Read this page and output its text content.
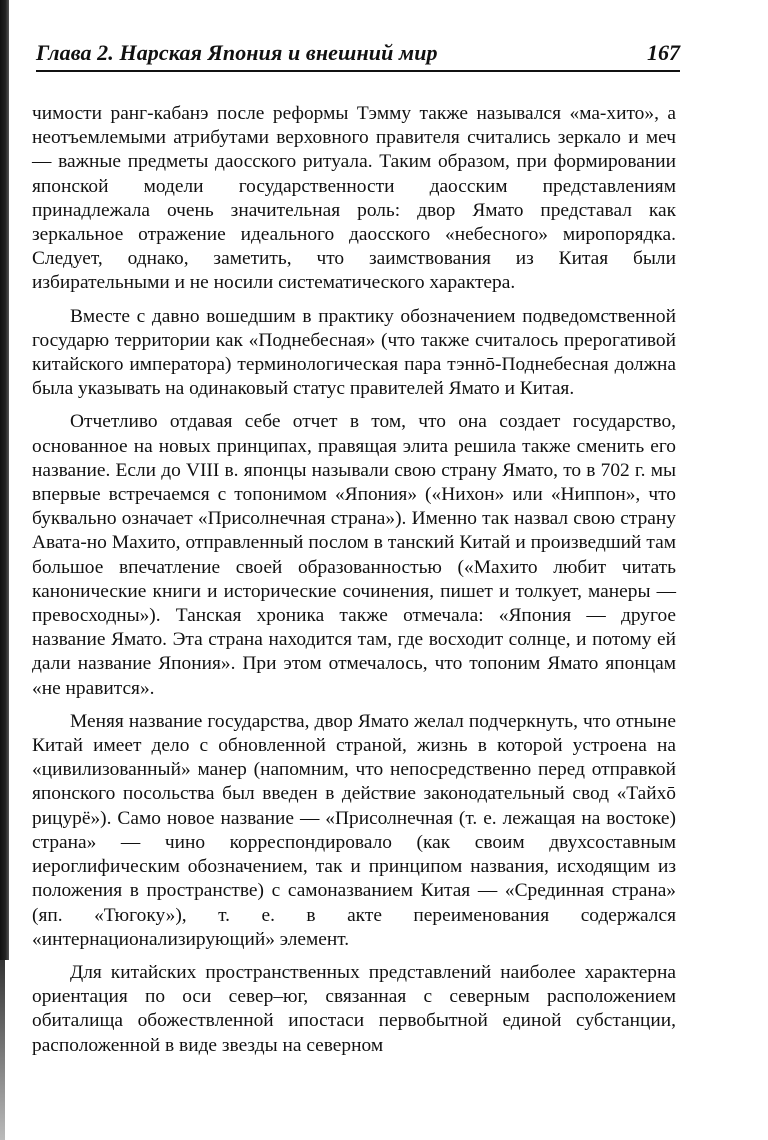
Глава 2. Нарская Япония и внешний мир	167

чимости ранг-кабанэ после реформы Тэмму также назывался «ма-хито», а неотъемлемыми атрибутами верховного правителя считались зеркало и меч — важные предметы даосского ритуала. Таким образом, при формировании японской модели государственности даосским представлениям принадлежала очень значительная роль: двор Ямато представал как зеркальное отражение идеального даосского «небесного» миропорядка. Следует, однако, заметить, что заимствования из Китая были избирательными и не носили систематического характера.

Вместе с давно вошедшим в практику обозначением подведомственной государю территории как «Поднебесная» (что также считалось прерогативой китайского императора) терминологическая пара тэннō-Поднебесная должна была указывать на одинаковый статус правителей Ямато и Китая.

Отчетливо отдавая себе отчет в том, что она создает государство, основанное на новых принципах, правящая элита решила также сменить его название. Если до VIII в. японцы называли свою страну Ямато, то в 702 г. мы впервые встречаемся с топонимом «Япония» («Нихон» или «Ниппон», что буквально означает «Присолнечная страна»). Именно так назвал свою страну Авата-но Махито, отправленный послом в танский Китай и произведший там большое впечатление своей образованностью («Махито любит читать канонические книги и исторические сочинения, пишет и толкует, манеры — превосходны»). Танская хроника также отмечала: «Япония — другое название Ямато. Эта страна находится там, где восходит солнце, и потому ей дали название Япония». При этом отмечалось, что топоним Ямато японцам «не нравится».

Меняя название государства, двор Ямато желал подчеркнуть, что отныне Китай имеет дело с обновленной страной, жизнь в которой устроена на «цивилизованный» манер (напомним, что непосредственно перед отправкой японского посольства был введен в действие законодательный свод «Тайхō рицурё»). Само новое название — «Присолнечная (т. е. лежащая на востоке) страна» — чино корреспондировало (как своим двухсоставным иероглифическим обозначением, так и принципом названия, исходящим из положения в пространстве) с самоназванием Китая — «Срединная страна» (яп. «Тюгоку»), т. е. в акте переименования содержался «интернационализирующий» элемент.

Для китайских пространственных представлений наиболее характерна ориентация по оси север–юг, связанная с северным расположением обиталища обожествленной ипостаси первобытной единой субстанции, расположенной в виде звезды на северном
